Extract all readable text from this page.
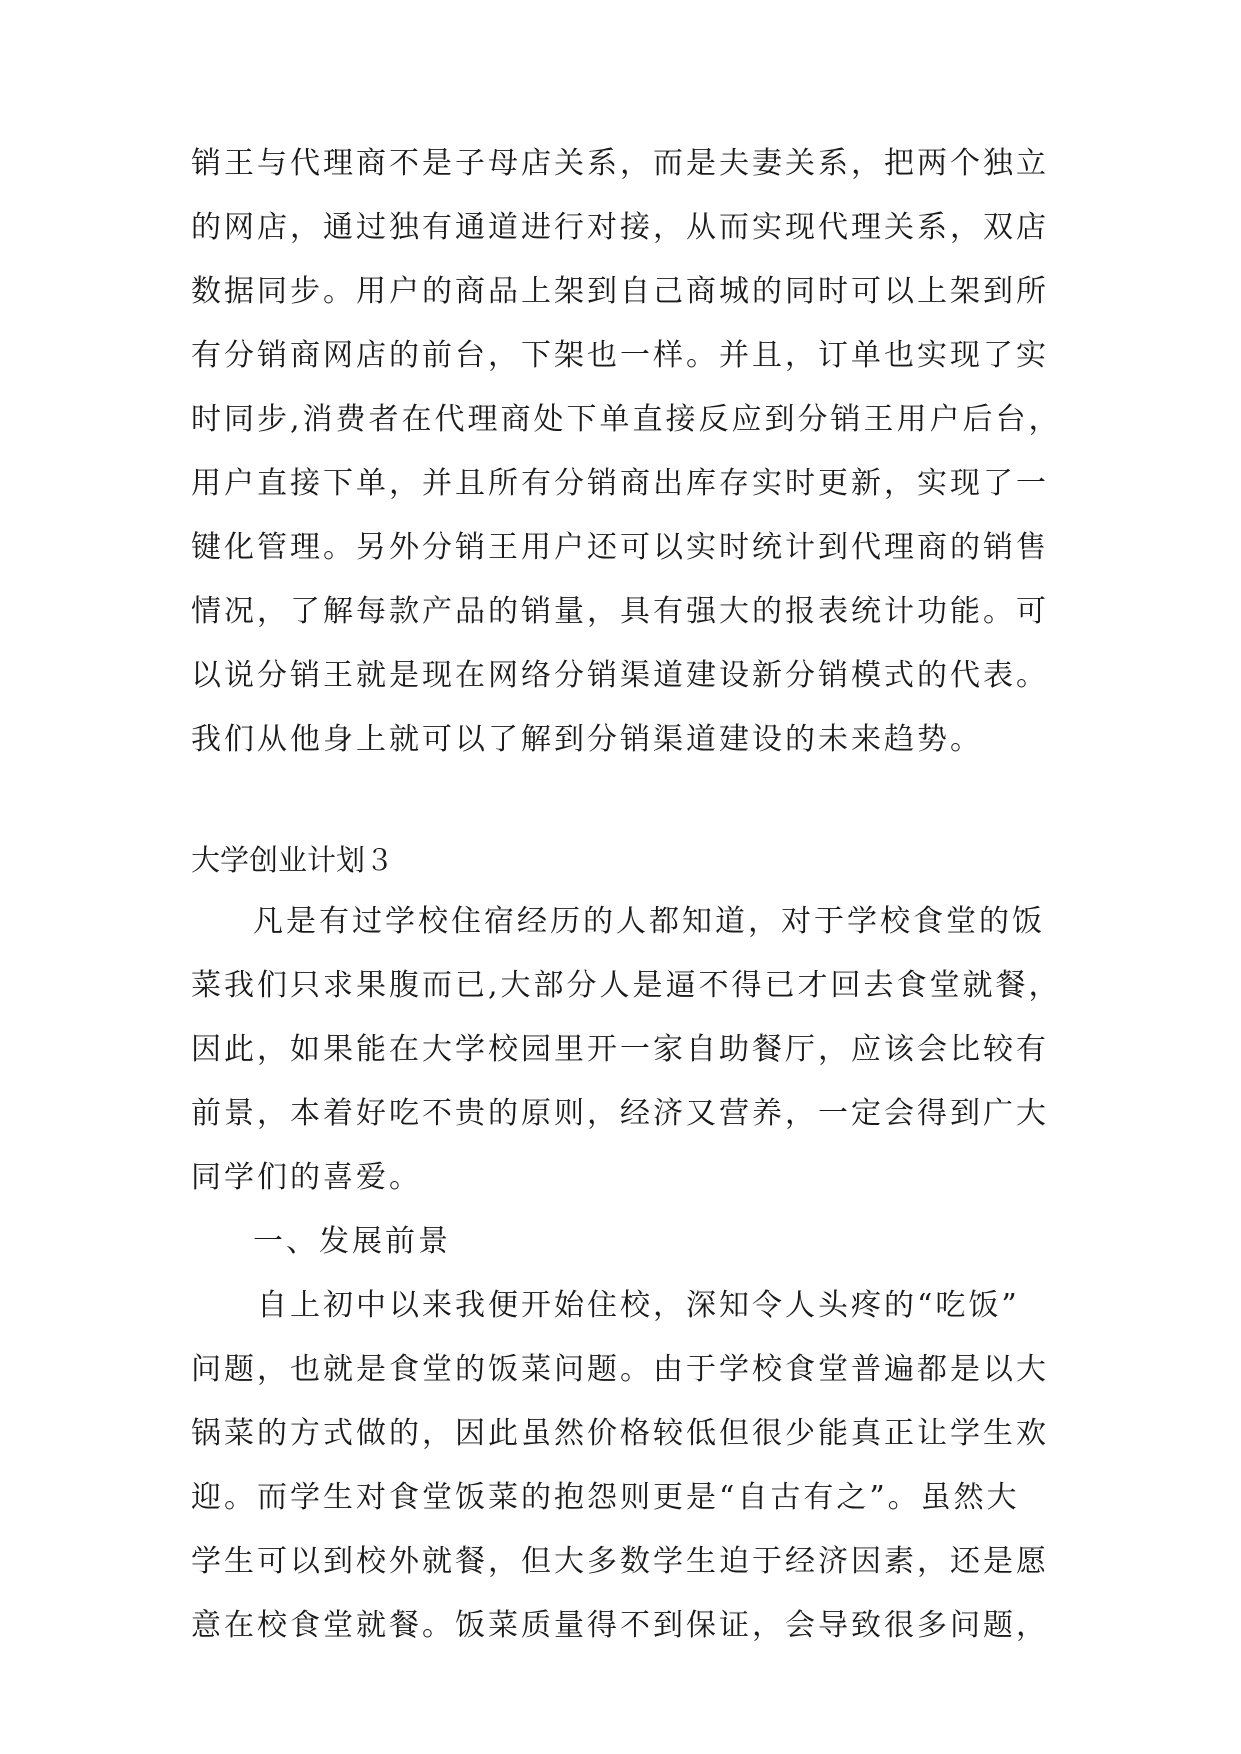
销王与代理商不是子母店关系，而是夫妻关系，把两个独立
的网店，通过独有通道进行对接，从而实现代理关系，双店
数据同步。用户的商品上架到自己商城的同时可以上架到所
有分销商网店的前台，下架也一样。并且，订单也实现了实
时同步,消费者在代理商处下单直接反应到分销王用户后台，
用户直接下单，并且所有分销商出库存实时更新，实现了一
键化管理。另外分销王用户还可以实时统计到代理商的销售
情况，了解每款产品的销量，具有强大的报表统计功能。可
以说分销王就是现在网络分销渠道建设新分销模式的代表。
我们从他身上就可以了解到分销渠道建设的未来趋势。
大学创业计划３
凡是有过学校住宿经历的人都知道，对于学校食堂的饭
菜我们只求果腹而已,大部分人是逼不得已才回去食堂就餐，
因此，如果能在大学校园里开一家自助餐厅，应该会比较有
前景，本着好吃不贵的原则，经济又营养，一定会得到广大
同学们的喜爱。
一、发展前景
自上初中以来我便开始住校，深知令人头疼的“吃饭”
问题，也就是食堂的饭菜问题。由于学校食堂普遍都是以大
锅菜的方式做的，因此虽然价格较低但很少能真正让学生欢
迎。而学生对食堂饭菜的抱怨则更是“自古有之”。虽然大
学生可以到校外就餐，但大多数学生迫于经济因素，还是愿
意在校食堂就餐。饭菜质量得不到保证，会导致很多问题，
